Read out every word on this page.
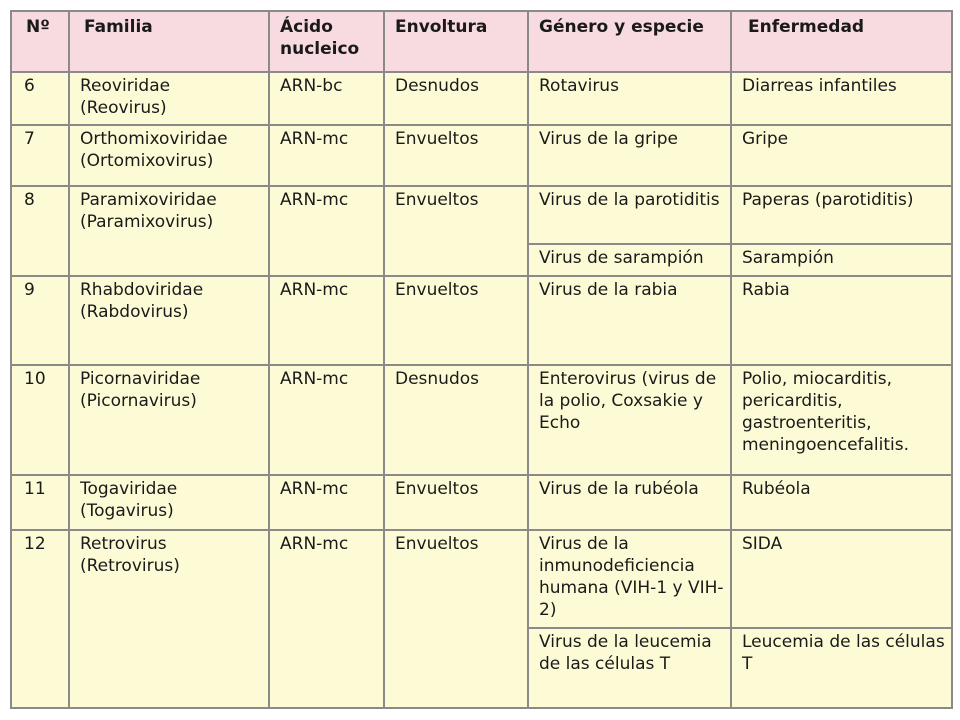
Nº	Familia	Ácido nucleico	Envoltura	Género y especie	Enfermedad
6	Reoviridae (Reovirus)	ARN-bc	Desnudos	Rotavirus	Diarreas infantiles
7	Orthomixoviridae (Ortomixovirus)	ARN-mc	Envueltos	Virus de la gripe	Gripe
8	Paramixoviridae (Paramixovirus)	ARN-mc	Envueltos	Virus de la parotiditis	Paperas (parotiditis)
				Virus de sarampión	Sarampión
9	Rhabdoviridae (Rabdovirus)	ARN-mc	Envueltos	Virus de la rabia	Rabia
10	Picornaviridae (Picornavirus)	ARN-mc	Desnudos	Enterovirus (virus de la polio, Coxsakie y Echo	Polio, miocarditis, pericarditis, gastroenteritis, meningoencefalitis.
11	Togaviridae (Togavirus)	ARN-mc	Envueltos	Virus de la rubéola	Rubéola
12	Retrovirus (Retrovirus)	ARN-mc	Envueltos	Virus de la inmunodeficiencia humana (VIH-1 y VIH-2)	SIDA
				Virus de la leucemia de las células T	Leucemia de las células T
